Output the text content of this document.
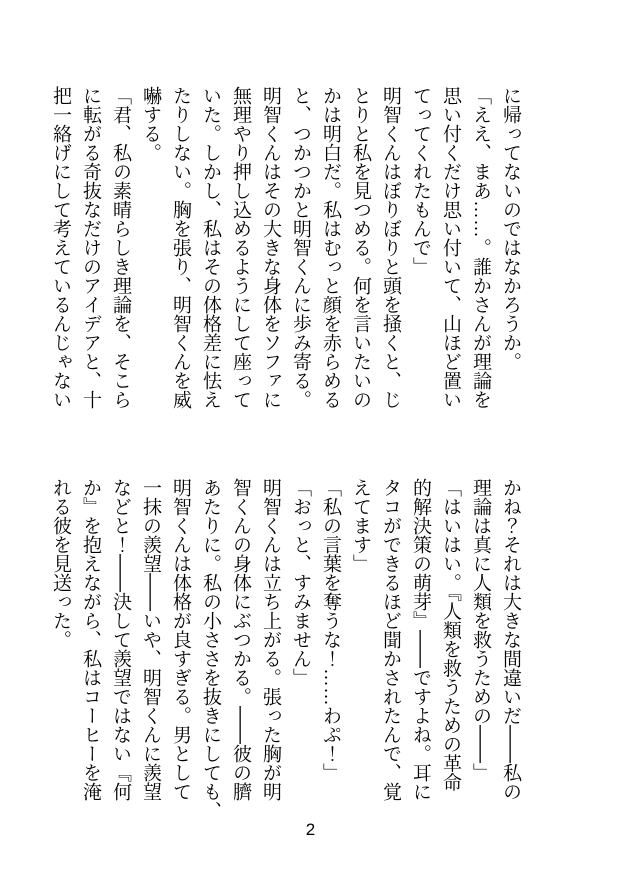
に帰ってないのではなかろうか。

「ええ、まあ……。誰かさんが理論を

思い付くだけ思い付いて、山ほど置い

てってくれたもんで」

明智くんはぼりぼりと頭を掻くと、じ

とりと私を見つめる。何を言いたいの

かは明白だ。私はむっと顔を赤らめる

と、つかつかと明智くんに歩み寄る。

明智くんはその大きな身体をソファに

無理やり押し込めるようにして座って

いた。しかし、私はその体格差に怯え

たりしない。胸を張り、明智くんを威

嚇する。

「君、私の素晴らしき理論を、そこら

に転がる奇抜なだけのアイデアと、十

把一絡げにして考えているんじゃない

かね？それは大きな間違いだ――私の

理論は真に人類を救うための――」

「はいはい。『人類を救うための革命

的解決策の萌芽』――ですよね。耳に

タコができるほど聞かされたんで、覚

えてます」

「私の言葉を奪うな！……わぷ！」

「おっと、すみません」

明智くんは立ち上がる。張った胸が明

智くんの身体にぶつかる。――彼の臍

あたりに。私の小ささを抜きにしても、

明智くんは体格が良すぎる。男として

一抹の羨望――いや、明智くんに羨望

などと！――決して羨望ではない『何

か』を抱えながら、私はコーヒーを淹

れる彼を見送った。

2
